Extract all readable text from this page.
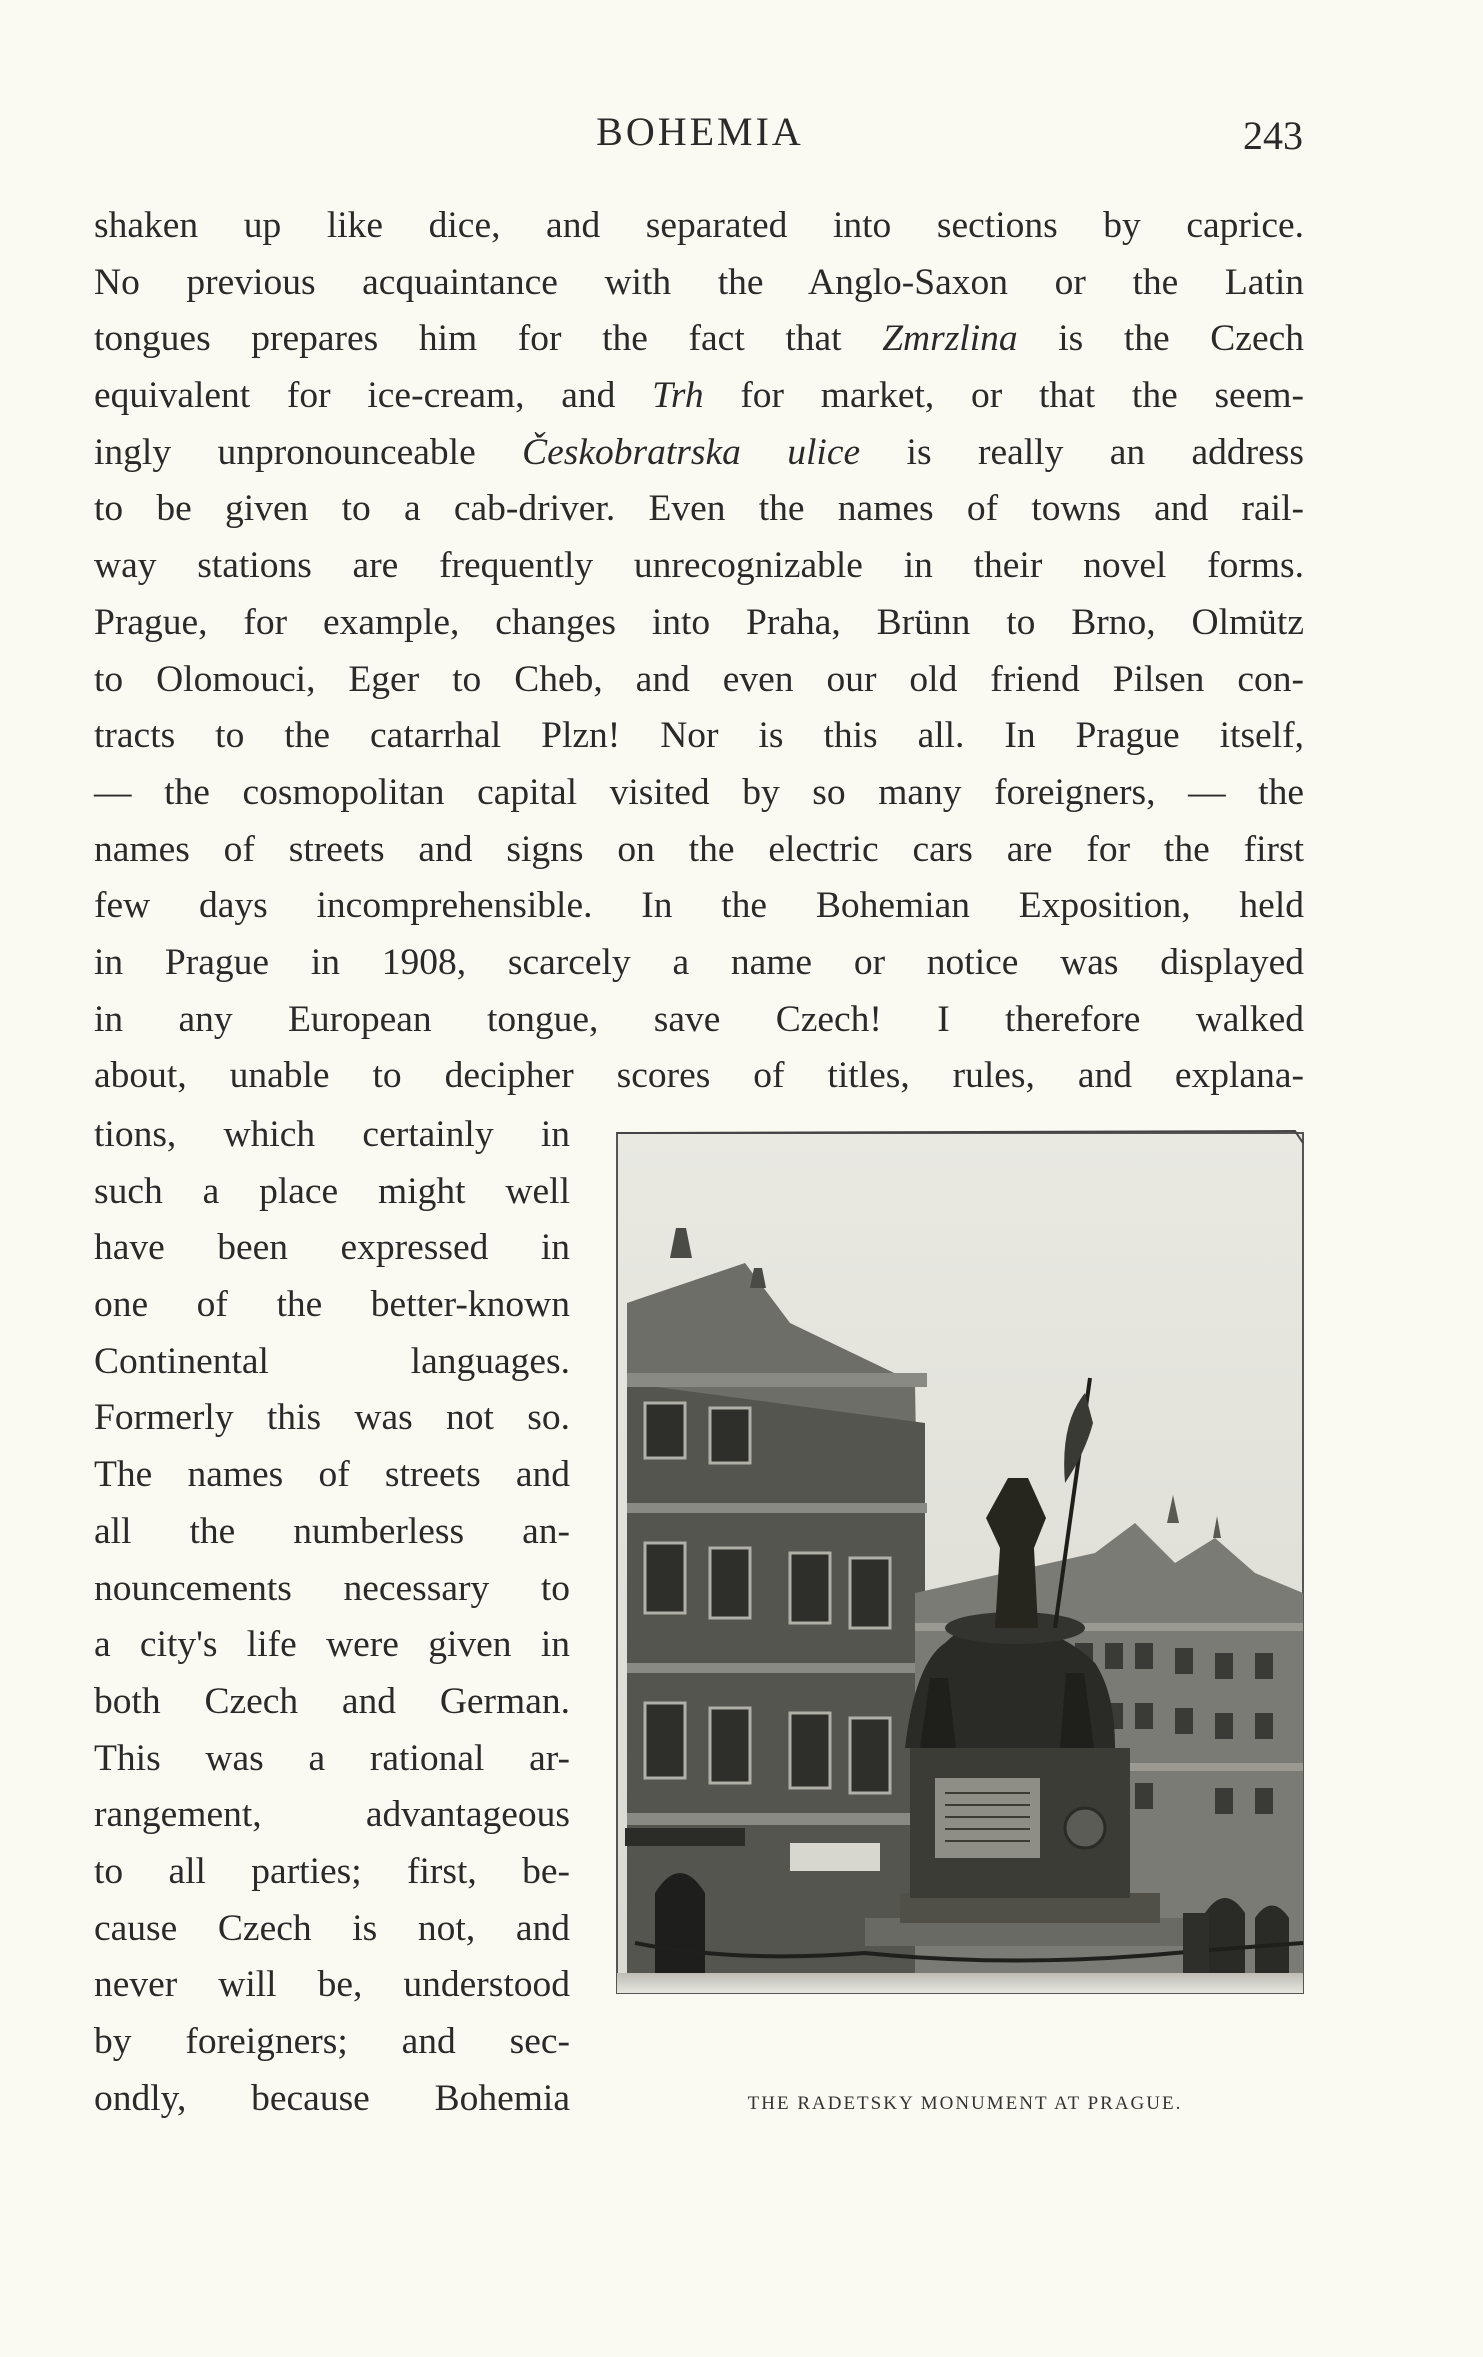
BOHEMIA	243
shaken up like dice, and separated into sections by caprice.
No previous acquaintance with the Anglo-Saxon or the Latin
tongues prepares him for the fact that Zmrzlina is the Czech
equivalent for ice-cream, and Trh for market, or that the seem-
ingly unpronounceable Českobratrska ulice is really an address
to be given to a cab-driver. Even the names of towns and rail-
way stations are frequently unrecognizable in their novel forms.
Prague, for example, changes into Praha, Brünn to Brno, Olmütz
to Olomouci, Eger to Cheb, and even our old friend Pilsen con-
tracts to the catarrhal Plzn! Nor is this all. In Prague itself,
— the cosmopolitan capital visited by so many foreigners, — the
names of streets and signs on the electric cars are for the first
few days incomprehensible. In the Bohemian Exposition, held
in Prague in 1908, scarcely a name or notice was displayed
in any European tongue, save Czech! I therefore walked
about, unable to decipher scores of titles, rules, and explana-
tions, which certainly in
such a place might well
have been expressed in
one of the better-known
Continental languages.
Formerly this was not so.
The names of streets and
all the numberless an-
nouncements necessary to
a city's life were given in
both Czech and German.
This was a rational ar-
rangement, advantageous
to all parties; first, be-
cause Czech is not, and
never will be, understood
by foreigners; and sec-
ondly, because Bohemia	THE RADETSKY MONUMENT AT PRAGUE.
